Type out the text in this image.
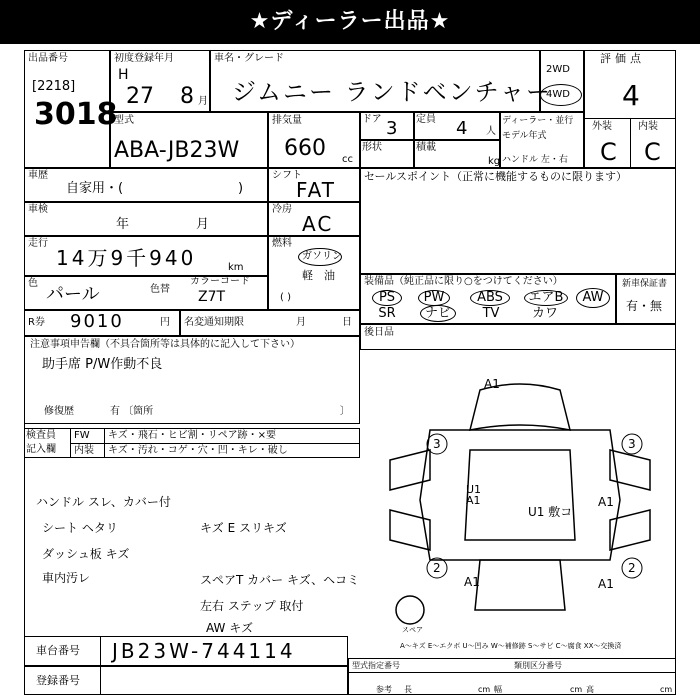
★ディーラー出品★
出品番号
[2218]
3018
初度登録年月
H
27 8 月
車名・グレード
ジムニー ランドベンチャー
2WD
4WD
評価点
4
外装	内装
C C
型式
ABA-JB23W
排気量
660 cc
ドア 3 定員 4 人
形状	積載
kg
ディーラー・並行
モデル年式
ハンドル 左・右
車歴
自家用・(	)
車検
年	月
走行
14万9千940	km
色
パール	色替
カラーコード
Z7T
シフト
FAT
冷房
AC
燃料
ガソリン
軽　油
( )
セールスポイント（正常に機能するものに限ります）
装備品（純正品に限り○をつけてください）
PS	PW	ABS	エアB	AW
SR	ナビ	TV	カワ
新車保証書
有・無
R券 9010	円 名変通知期限	月	日
後日品
注意事項申告欄（不具合箇所等は具体的に記入して下さい）
助手席 P/W作動不良
修復歴	有 〔箇所	〕
検査員
記入欄
FW キズ・飛石・ヒビ割・リペア跡・×要
内装 キズ・汚れ・コゲ・穴・凹・キレ・破し
ハンドル スレ、カバー付
シート ヘタリ
ダッシュ板 キズ
車内汚レ
キズ E スリキズ
スペアT カバー キズ、ヘコミ
左右 ステップ 取付
AW キズ
A1
3	3
U1 A1	A1
U1 敷コ
2	2
A1	A1
スペア
A～キズ E～エクボ U～凹み W～補修跡 S～サビ C～腐食 XX～交換済
車台番号 JB23W-744114
登録番号
型式指定番号
参考
類別区分番号
長	cm 幅	cm 高	cm
